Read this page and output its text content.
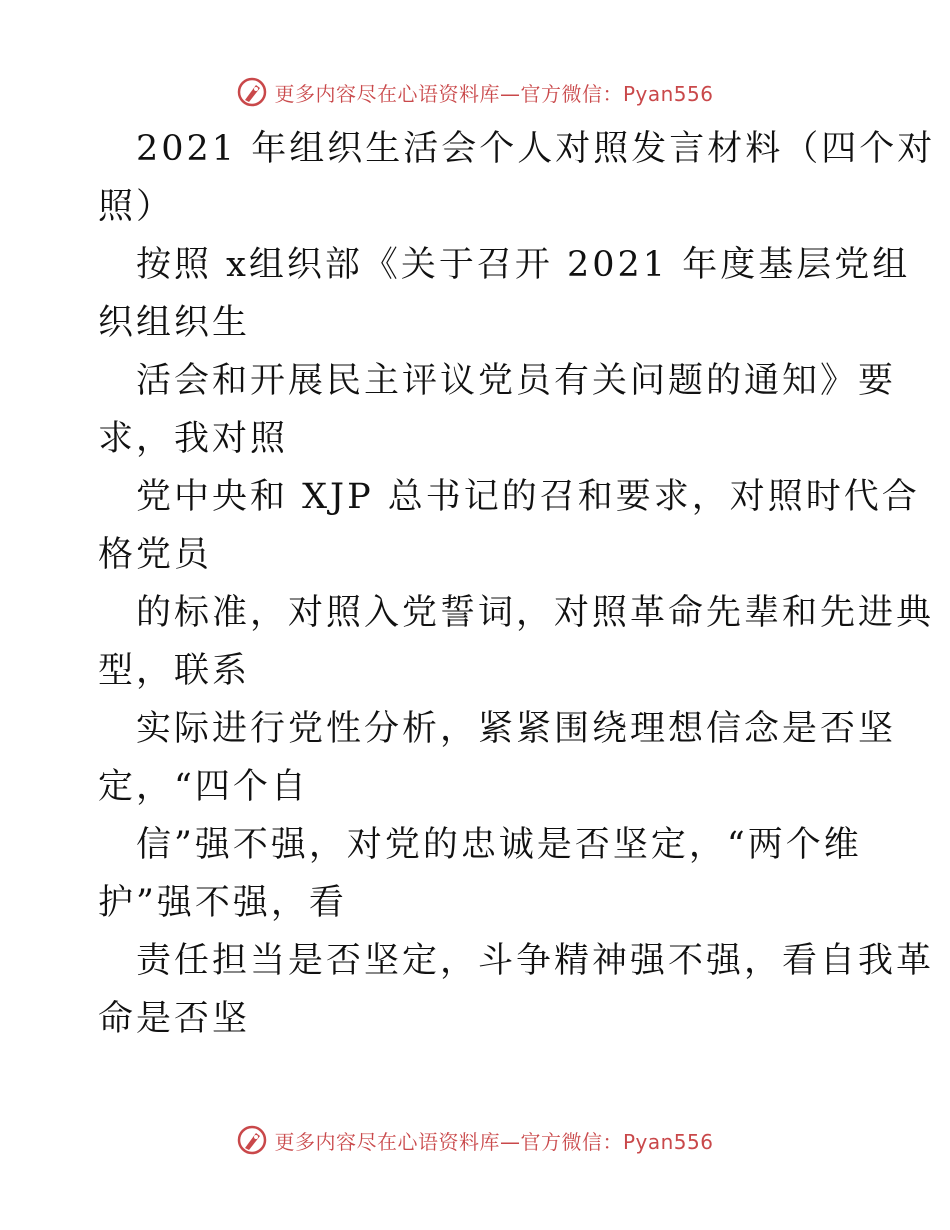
更多内容尽在心语资料库—官方微信：Pyan556
2021 年组织生活会个人对照发言材料（四个对
照）
按照 x组织部《关于召开 2021 年度基层党组
织组织生
活会和开展民主评议党员有关问题的通知》要
求，我对照
党中央和 XJP 总书记的召和要求，对照时代合
格党员
的标准，对照入党誓词，对照革命先辈和先进典
型，联系
实际进行党性分析，紧紧围绕理想信念是否坚
定，“四个自
信”强不强，对党的忠诚是否坚定，“两个维
护”强不强，看
责任担当是否坚定，斗争精神强不强，看自我革
命是否坚
更多内容尽在心语资料库—官方微信：Pyan556
